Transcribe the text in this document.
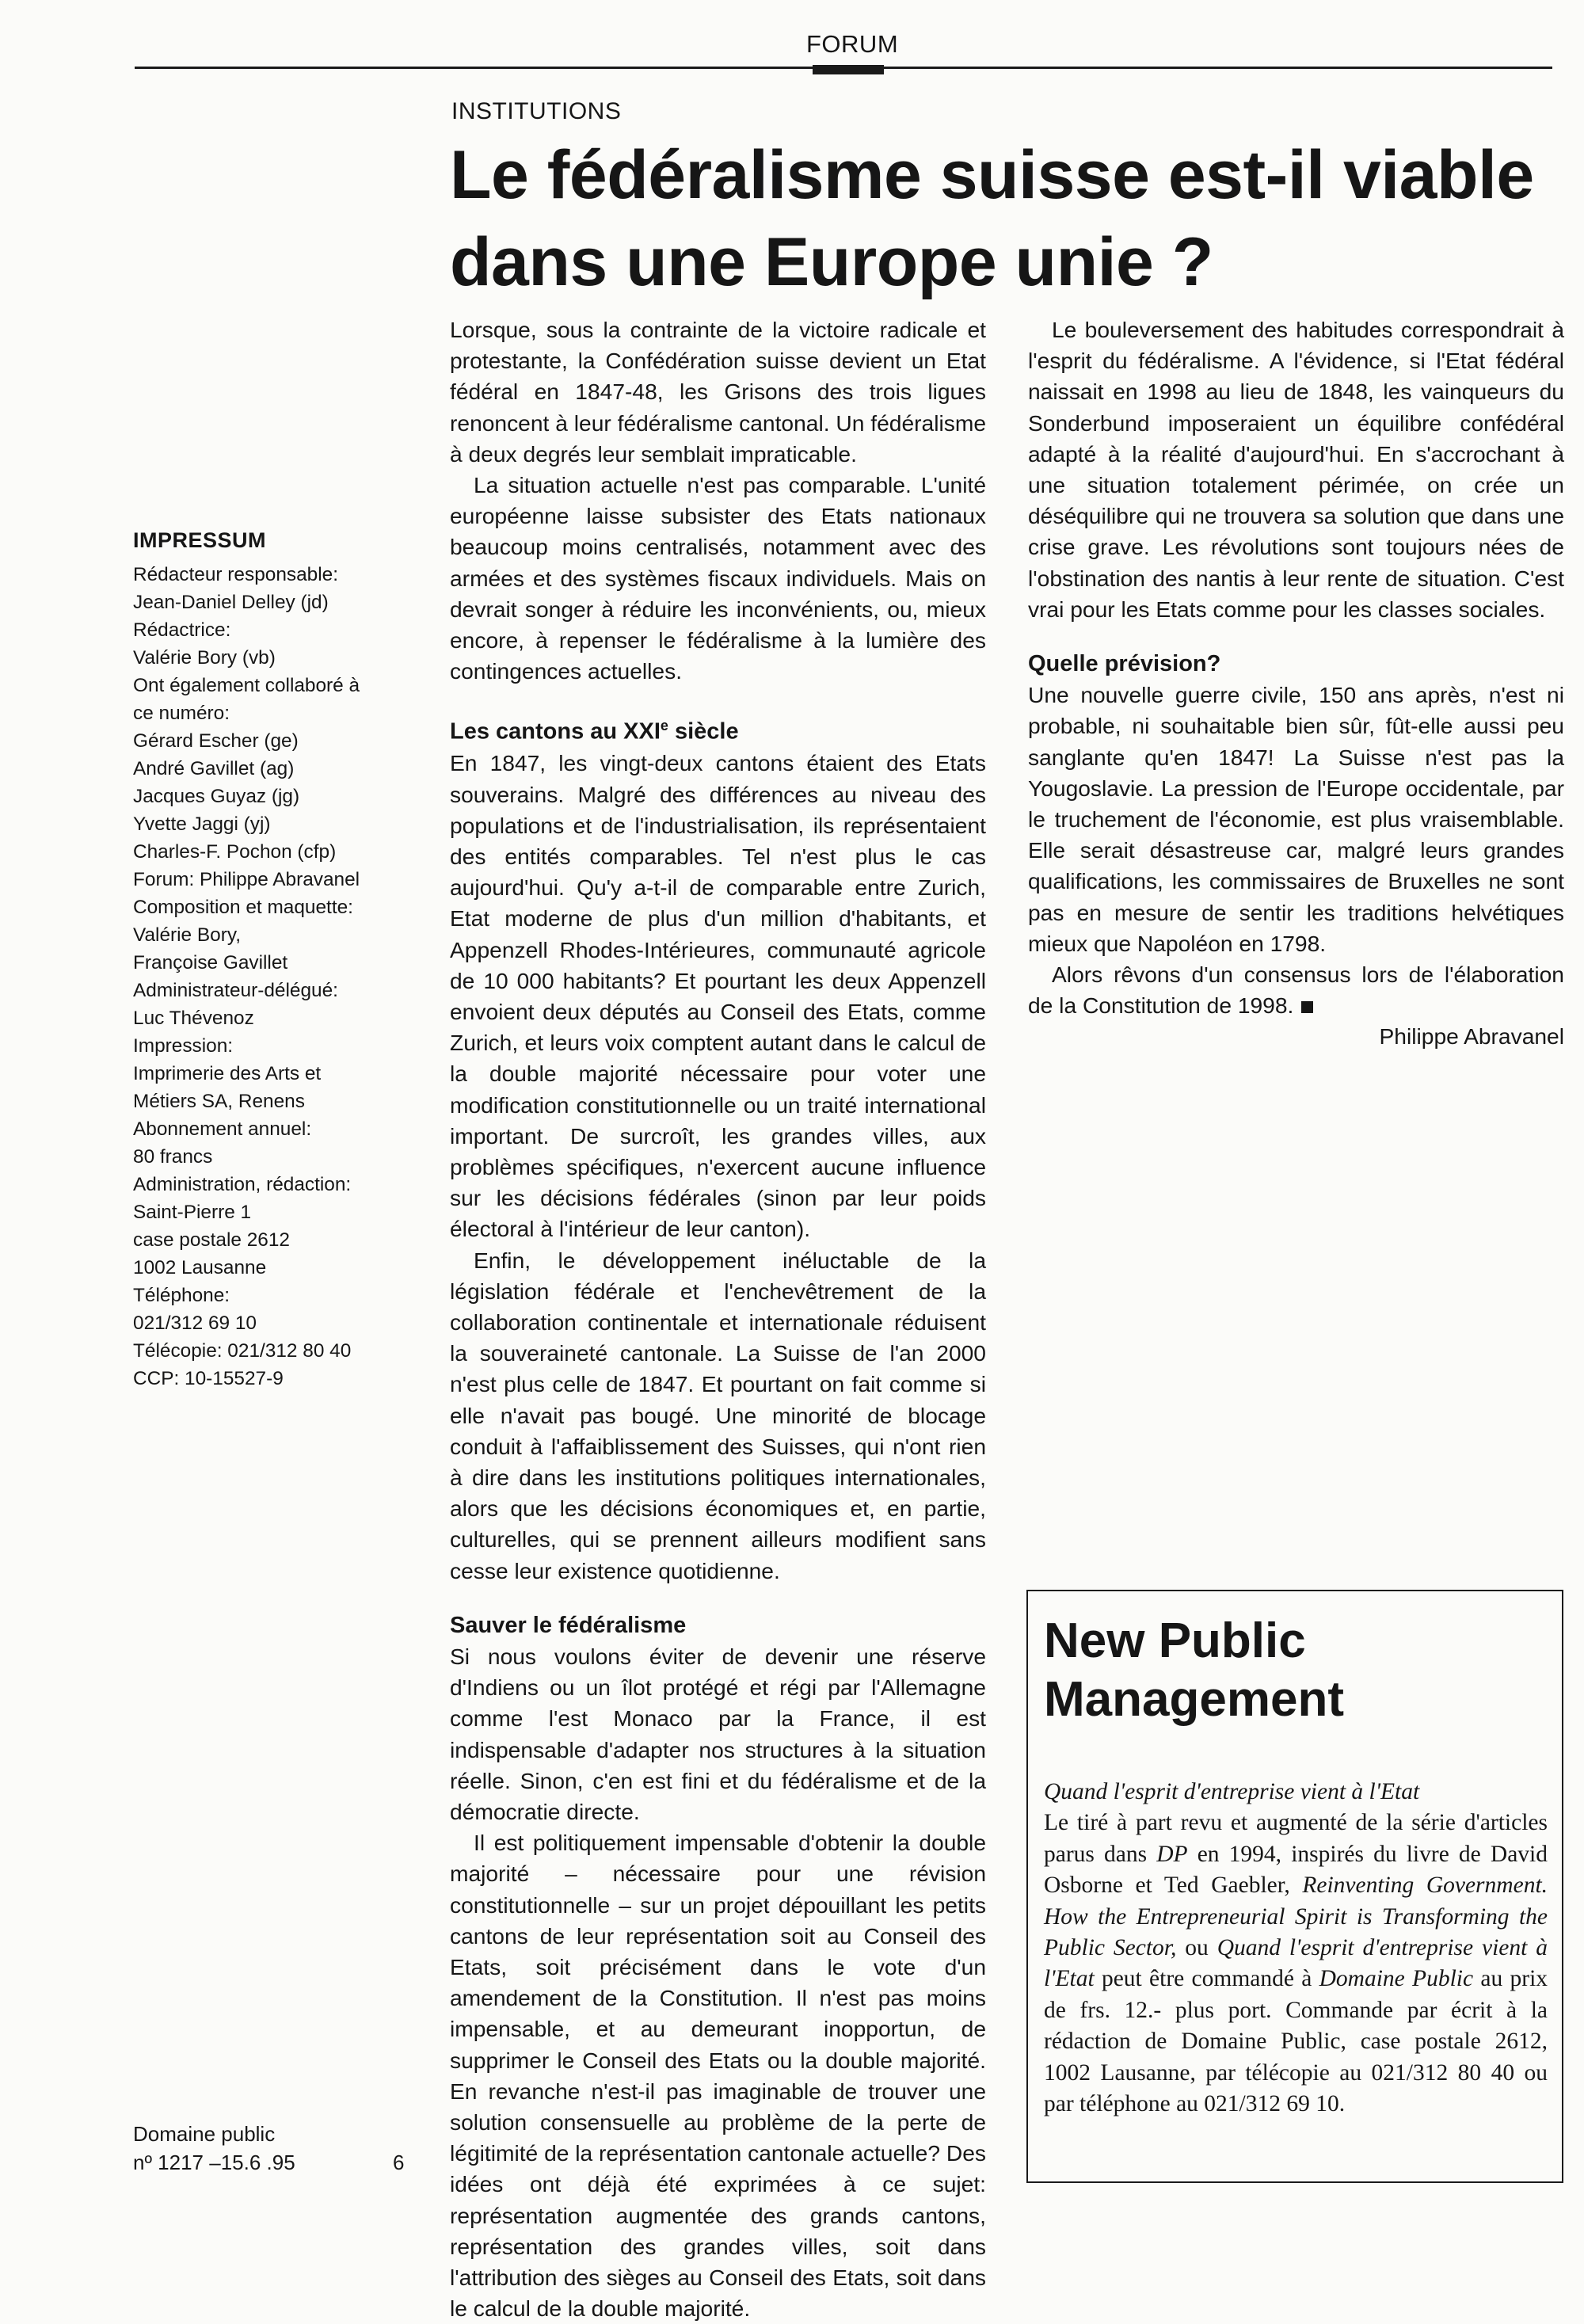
FORUM
INSTITUTIONS
Le fédéralisme suisse est-il viable
dans une Europe unie ?

Lorsque, sous la contrainte de la victoire radicale et protestante, la Confédération suisse devient un Etat fédéral en 1847-48, les Grisons des trois ligues renoncent à leur fédéralisme cantonal. Un fédéralisme à deux degrés leur semblait impraticable.

La situation actuelle n'est pas comparable. L'unité européenne laisse subsister des Etats nationaux beaucoup moins centralisés, notamment avec des armées et des systèmes fiscaux individuels. Mais on devrait songer à réduire les inconvénients, ou, mieux encore, à repenser le fédéralisme à la lumière des contingences actuelles.

Les cantons au XXIe siècle

En 1847, les vingt-deux cantons étaient des Etats souverains. Malgré des différences au niveau des populations et de l'industrialisation, ils représentaient des entités comparables. Tel n'est plus le cas aujourd'hui. Qu'y a-t-il de comparable entre Zurich, Etat moderne de plus d'un million d'habitants, et Appenzell Rhodes-Intérieures, communauté agricole de 10 000 habitants? Et pourtant les deux Appenzell envoient deux députés au Conseil des Etats, comme Zurich, et leurs voix comptent autant dans le calcul de la double majorité nécessaire pour voter une modification constitutionnelle ou un traité international important. De surcroît, les grandes villes, aux problèmes spécifiques, n'exercent aucune influence sur les décisions fédérales (sinon par leur poids électoral à l'intérieur de leur canton).

Enfin, le développement inéluctable de la législation fédérale et l'enchevêtrement de la collaboration continentale et internationale réduisent la souveraineté cantonale. La Suisse de l'an 2000 n'est plus celle de 1847. Et pourtant on fait comme si elle n'avait pas bougé. Une minorité de blocage conduit à l'affaiblissement des Suisses, qui n'ont rien à dire dans les institutions politiques internationales, alors que les décisions économiques et, en partie, culturelles, qui se prennent ailleurs modifient sans cesse leur existence quotidienne.

Sauver le fédéralisme

Si nous voulons éviter de devenir une réserve d'Indiens ou un îlot protégé et régi par l'Allemagne comme l'est Monaco par la France, il est indispensable d'adapter nos structures à la situation réelle. Sinon, c'en est fini et du fédéralisme et de la démocratie directe.

Il est politiquement impensable d'obtenir la double majorité – nécessaire pour une révision constitutionnelle – sur un projet dépouillant les petits cantons de leur représentation soit au Conseil des Etats, soit précisément dans le vote d'un amendement de la Constitution. Il n'est pas moins impensable, et au demeurant inopportun, de supprimer le Conseil des Etats ou la double majorité. En revanche n'est-il pas imaginable de trouver une solution consensuelle au problème de la perte de légitimité de la représentation cantonale actuelle? Des idées ont déjà été exprimées à ce sujet: représentation augmentée des grands cantons, représentation des grandes villes, soit dans l'attribution des sièges au Conseil des Etats, soit dans le calcul de la double majorité.

Le bouleversement des habitudes correspondrait à l'esprit du fédéralisme. A l'évidence, si l'Etat fédéral naissait en 1998 au lieu de 1848, les vainqueurs du Sonderbund imposeraient un équilibre confédéral adapté à la réalité d'aujourd'hui. En s'accrochant à une situation totalement périmée, on crée un déséquilibre qui ne trouvera sa solution que dans une crise grave. Les révolutions sont toujours nées de l'obstination des nantis à leur rente de situation. C'est vrai pour les Etats comme pour les classes sociales.

Quelle prévision?

Une nouvelle guerre civile, 150 ans après, n'est ni probable, ni souhaitable bien sûr, fût-elle aussi peu sanglante qu'en 1847! La Suisse n'est pas la Yougoslavie. La pression de l'Europe occidentale, par le truchement de l'économie, est plus vraisemblable. Elle serait désastreuse car, malgré leurs grandes qualifications, les commissaires de Bruxelles ne sont pas en mesure de sentir les traditions helvétiques mieux que Napoléon en 1798.

Alors rêvons d'un consensus lors de l'élaboration de la Constitution de 1998.

Philippe Abravanel

IMPRESSUM
Rédacteur responsable:
Jean-Daniel Delley (jd)
Rédactrice:
Valérie Bory (vb)
Ont également collaboré à
ce numéro:
Gérard Escher (ge)
André Gavillet (ag)
Jacques Guyaz (jg)
Yvette Jaggi (yj)
Charles-F. Pochon (cfp)
Forum: Philippe Abravanel
Composition et maquette:
Valérie Bory,
Françoise Gavillet
Administrateur-délégué:
Luc Thévenoz
Impression:
Imprimerie des Arts et
Métiers SA, Renens
Abonnement annuel:
80 francs
Administration, rédaction:
Saint-Pierre 1
case postale 2612
1002 Lausanne
Téléphone:
021/312 69 10
Télécopie: 021/312 80 40
CCP: 10-15527-9
Domaine public
nº 1217 –15.6 .95	6
New Public
Management

Quand l'esprit d'entreprise vient à l'Etat

Le tiré à part revu et augmenté de la série d'articles parus dans DP en 1994, inspirés du livre de David Osborne et Ted Gaebler, Reinventing Government. How the Entrepreneurial Spirit is Transforming the Public Sector, ou Quand l'esprit d'entreprise vient à l'Etat peut être commandé à Domaine Public au prix de frs. 12.- plus port. Commande par écrit à la rédaction de Domaine Public, case postale 2612, 1002 Lausanne, par télécopie au 021/312 80 40 ou par téléphone au 021/312 69 10.
